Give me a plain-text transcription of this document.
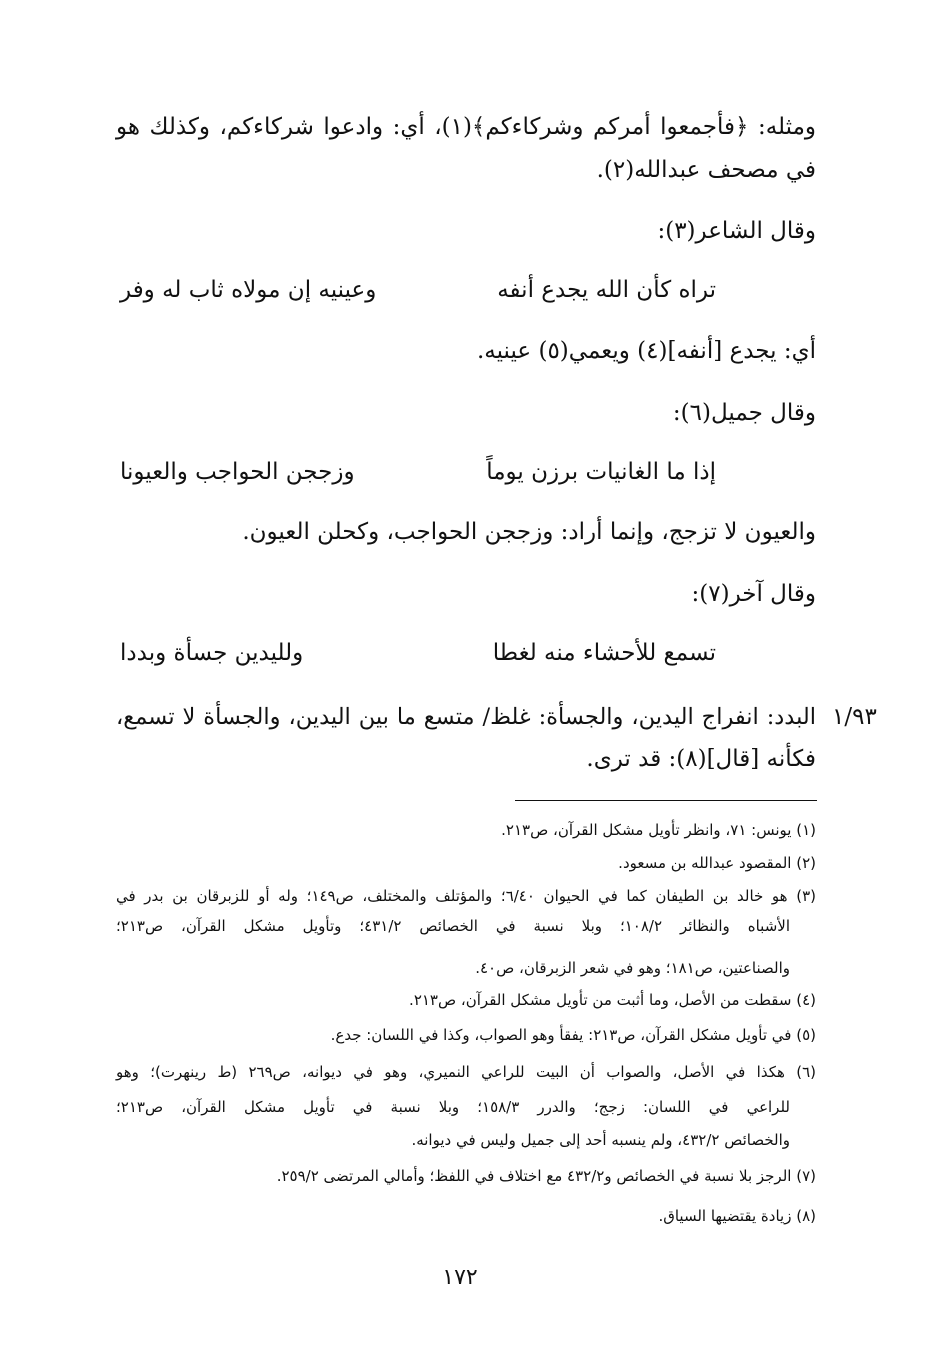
ومثله: ﴿فأجمعوا أمركم وشركاءكم﴾(١)، أي: وادعوا شركاءكم، وكذلك هو
في مصحف عبدالله(٢).
وقال الشاعر(٣):
تراه كأن الله يجدع أنفه
وعينيه إن مولاه ثاب له وفر
أي: يجدع [أنفه](٤) ويعمي(٥) عينيه.
وقال جميل(٦):
إذا ما الغانيات برزن يوماً
وزججن الحواجب والعيونا
والعيون لا تزجج، وإنما أراد: وزججن الحواجب، وكحلن العيون.
وقال آخر(٧):
تسمع للأحشاء منه لغطا
ولليدين جسأة وبددا
البدد: انفراج اليدين، والجسأة: غلظ/ متسع ما بين اليدين، والجسأة لا تسمع،
فكأنه [قال](٨): قد ترى.
١/٩٣
(١) يونس: ٧١، وانظر تأويل مشكل القرآن، ص٢١٣.
(٢) المقصود عبدالله بن مسعود.
(٣) هو خالد بن الطيفان كما في الحيوان ٦/٤٠؛ والمؤتلف والمختلف، ص١٤٩؛ وله أو للزبرقان بن بدر في
الأشباه والنظائر ١٠٨/٢؛ وبلا نسبة في الخصائص ٤٣١/٢؛ وتأويل مشكل القرآن، ص٢١٣؛
والصناعتين، ص١٨١؛ وهو في شعر الزبرقان، ص٤٠.
(٤) سقطت من الأصل، وما أثبت من تأويل مشكل القرآن، ص٢١٣.
(٥) في تأويل مشكل القرآن، ص٢١٣: يفقأ وهو الصواب، وكذا في اللسان: جدع.
(٦) هكذا في الأصل، والصواب أن البيت للراعي النميري، وهو في ديوانه، ص٢٦٩ (ط رينهرت)؛ وهو
للراعي في اللسان: زجج؛ والدرر ١٥٨/٣؛ وبلا نسبة في تأويل مشكل القرآن، ص٢١٣؛
والخصائص ٤٣٢/٢، ولم ينسبه أحد إلى جميل وليس في ديوانه.
(٧) الرجز بلا نسبة في الخصائص و٤٣٢/٢ مع اختلاف في اللفظ؛ وأمالي المرتضى ٢٥٩/٢.
(٨) زيادة يقتضيها السياق.
١٧٢
